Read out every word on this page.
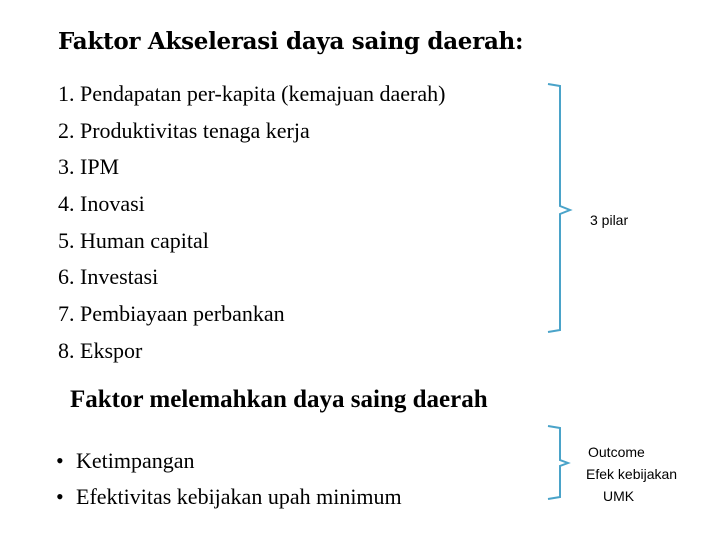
Faktor Akselerasi daya saing daerah:
1. Pendapatan per-kapita (kemajuan daerah)
2. Produktivitas tenaga kerja
3. IPM
4. Inovasi
5. Human capital
6. Investasi
7. Pembiayaan perbankan
8. Ekspor
3 pilar
Faktor melemahkan daya saing daerah
• Ketimpangan
• Efektivitas kebijakan upah minimum
Outcome
Efek kebijakan
UMK
